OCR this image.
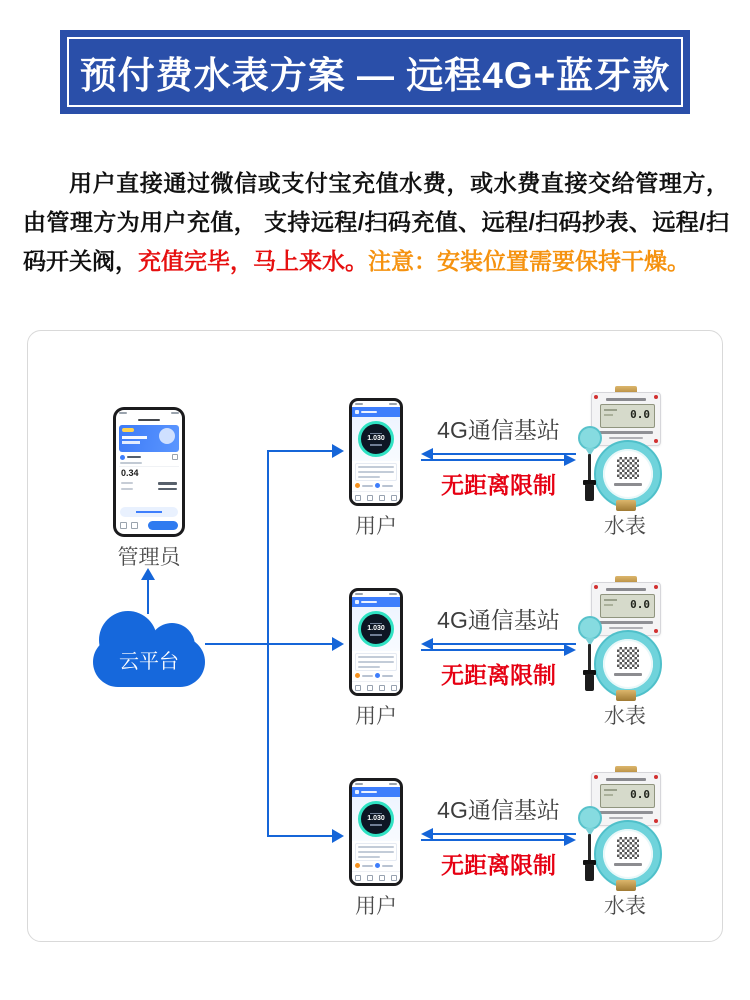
预付费水表方案 — 远程4G+蓝牙款

用户直接通过微信或支付宝充值水费，或水费直接交给管理方，由管理方为用户充值， 支持远程/扫码充值、远程/扫码抄表、远程/扫码开关阀，充值完毕，马上来水。注意：安装位置需要保持干燥。

0.34
管理员
云平台
1.030
用户
4G通信基站
无距离限制
0.0
水表
1.030
用户
4G通信基站
无距离限制
0.0
水表
1.030
用户
4G通信基站
无距离限制
0.0
水表
